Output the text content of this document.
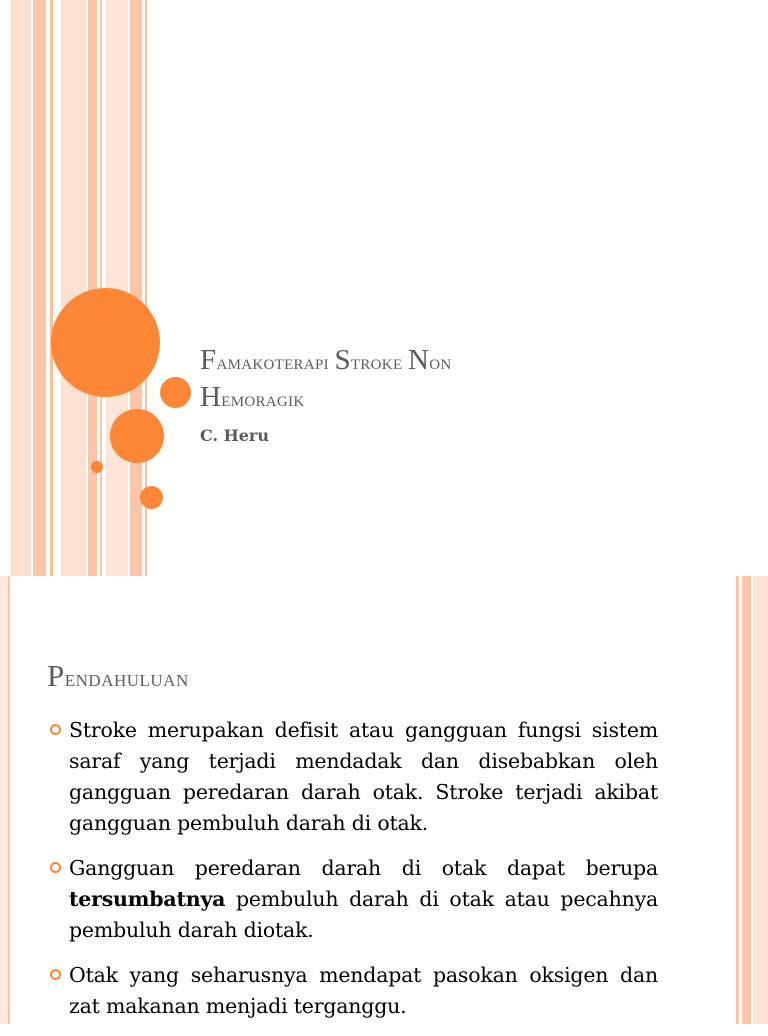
Famakoterapi Stroke Non
Hemoragik
C. Heru
Pendahuluan
Stroke merupakan defisit atau gangguan fungsi sistem saraf yang terjadi mendadak dan disebabkan oleh gangguan peredaran darah otak. Stroke terjadi akibat gangguan pembuluh darah di otak.
Gangguan peredaran darah di otak dapat berupa tersumbatnya pembuluh darah di otak atau pecahnya pembuluh darah diotak.
Otak yang seharusnya mendapat pasokan oksigen dan zat makanan menjadi terganggu.
